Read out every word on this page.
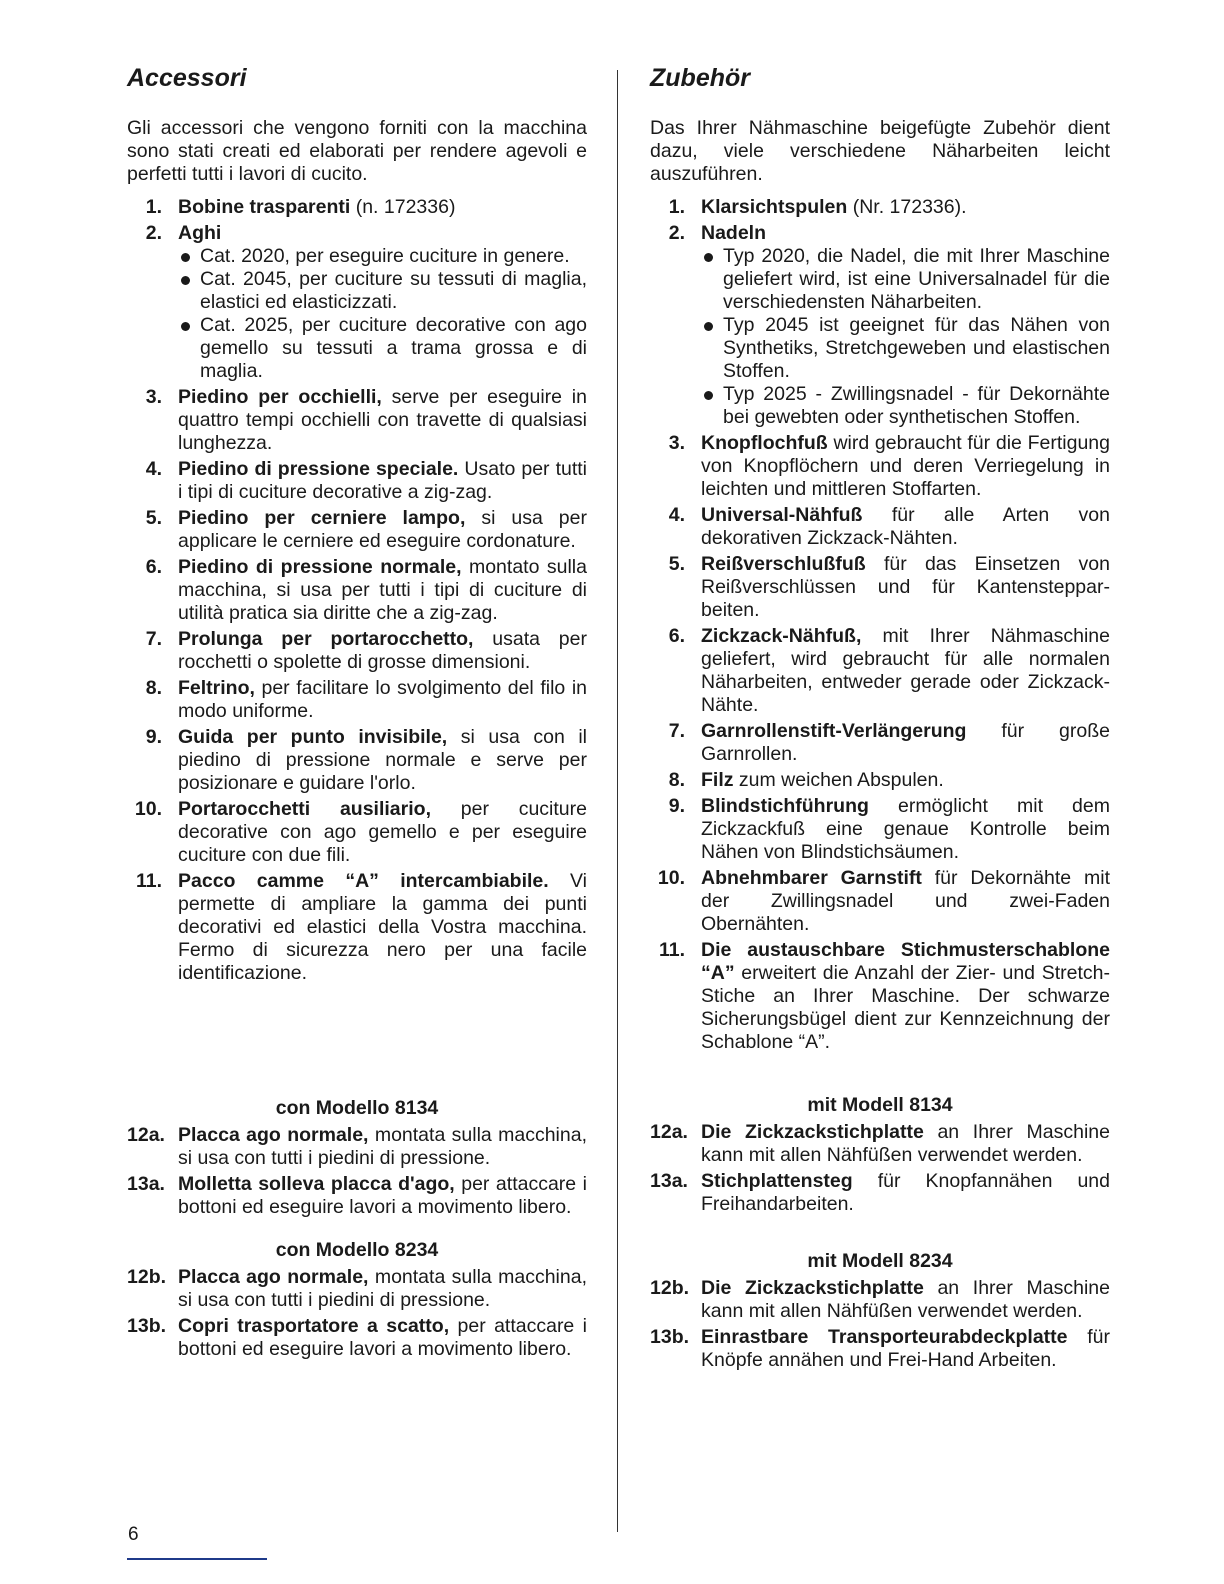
Accessori

Gli accessori che vengono forniti con la macchina sono stati creati ed elaborati per rendere agevoli e perfetti tutti i lavori di cucito.

1. Bobine trasparenti (n. 172336)
2. Aghi
Cat. 2020, per eseguire cuciture in genere.
Cat. 2045, per cuciture su tessuti di maglia, elastici ed elasticizzati.
Cat. 2025, per cuciture decorative con ago gemello su tessuti a trama grossa e di maglia.
3. Piedino per occhielli, serve per eseguire in quattro tempi occhielli con travette di qualsiasi lunghezza.
4. Piedino di pressione speciale. Usato per tutti i tipi di cuciture decorative a zig-zag.
5. Piedino per cerniere lampo, si usa per applicare le cerniere ed eseguire cordonature.
6. Piedino di pressione normale, montato sulla macchina, si usa per tutti i tipi di cuciture di utilità pratica sia diritte che a zig-zag.
7. Prolunga per portarocchetto, usata per rocchetti o spolette di grosse dimensioni.
8. Feltrino, per facilitare lo svolgimento del filo in modo uniforme.
9. Guida per punto invisibile, si usa con il piedino di pressione normale e serve per posizionare e guidare l'orlo.
10. Portarocchetti ausiliario, per cuciture decorative con ago gemello e per eseguire cuciture con due fili.
11. Pacco camme “A” intercambiabile. Vi permette di ampliare la gamma dei punti decorativi ed elastici della Vostra macchina. Fermo di sicurezza nero per una facile identificazione.

con Modello 8134

12a. Placca ago normale, montata sulla macchina, si usa con tutti i piedini di pressione.
13a. Molletta solleva placca d'ago, per attaccare i bottoni ed eseguire lavori a movimento libero.

con Modello 8234

12b. Placca ago normale, montata sulla macchina, si usa con tutti i piedini di pressione.
13b. Copri trasportatore a scatto, per attaccare i bottoni ed eseguire lavori a movimento libero.
Zubehör

Das Ihrer Nähmaschine beigefügte Zubehör dient dazu, viele verschiedene Näharbeiten leicht auszuführen.

1. Klarsichtspulen (Nr. 172336).
2. Nadeln
Typ 2020, die Nadel, die mit Ihrer Maschine geliefert wird, ist eine Universalnadel für die verschiedensten Näharbeiten.
Typ 2045 ist geeignet für das Nähen von Synthetiks, Stretchgeweben und elastischen Stoffen.
Typ 2025 - Zwillingsnadel - für Dekornähte bei gewebten oder synthetischen Stoffen.
3. Knopflochfuß wird gebraucht für die Fertigung von Knopflöchern und deren Verriegelung in leichten und mittleren Stoffarten.
4. Universal-Nähfuß für alle Arten von dekorativen Zickzack-Nähten.
5. Reißverschlußfuß für das Einsetzen von Reißverschlüssen und für Kantenstepparbeiten.
6. Zickzack-Nähfuß, mit Ihrer Nähmaschine geliefert, wird gebraucht für alle normalen Näharbeiten, entweder gerade oder Zickzack-Nähte.
7. Garnrollenstift-Verlängerung für große Garnrollen.
8. Filz zum weichen Abspulen.
9. Blindstichführung ermöglicht mit dem Zickzackfuß eine genaue Kontrolle beim Nähen von Blindstichsäumen.
10. Abnehmbarer Garnstift für Dekornähte mit der Zwillingsnadel und zwei-Faden Obernähten.
11. Die austauschbare Stichmusterschablone “A” erweitert die Anzahl der Zier- und Stretch-Stiche an Ihrer Maschine. Der schwarze Sicherungsbügel dient zur Kennzeichnung der Schablone “A”.

mit Modell 8134

12a. Die Zickzackstichplatte an Ihrer Maschine kann mit allen Nähfüßen verwendet werden.
13a. Stichplattensteg für Knopfannähen und Freihandarbeiten.

mit Modell 8234

12b. Die Zickzackstichplatte an Ihrer Maschine kann mit allen Nähfüßen verwendet werden.
13b. Einrastbare Transporteurabdeckplatte für Knöpfe annähen und Frei-Hand Arbeiten.
6
